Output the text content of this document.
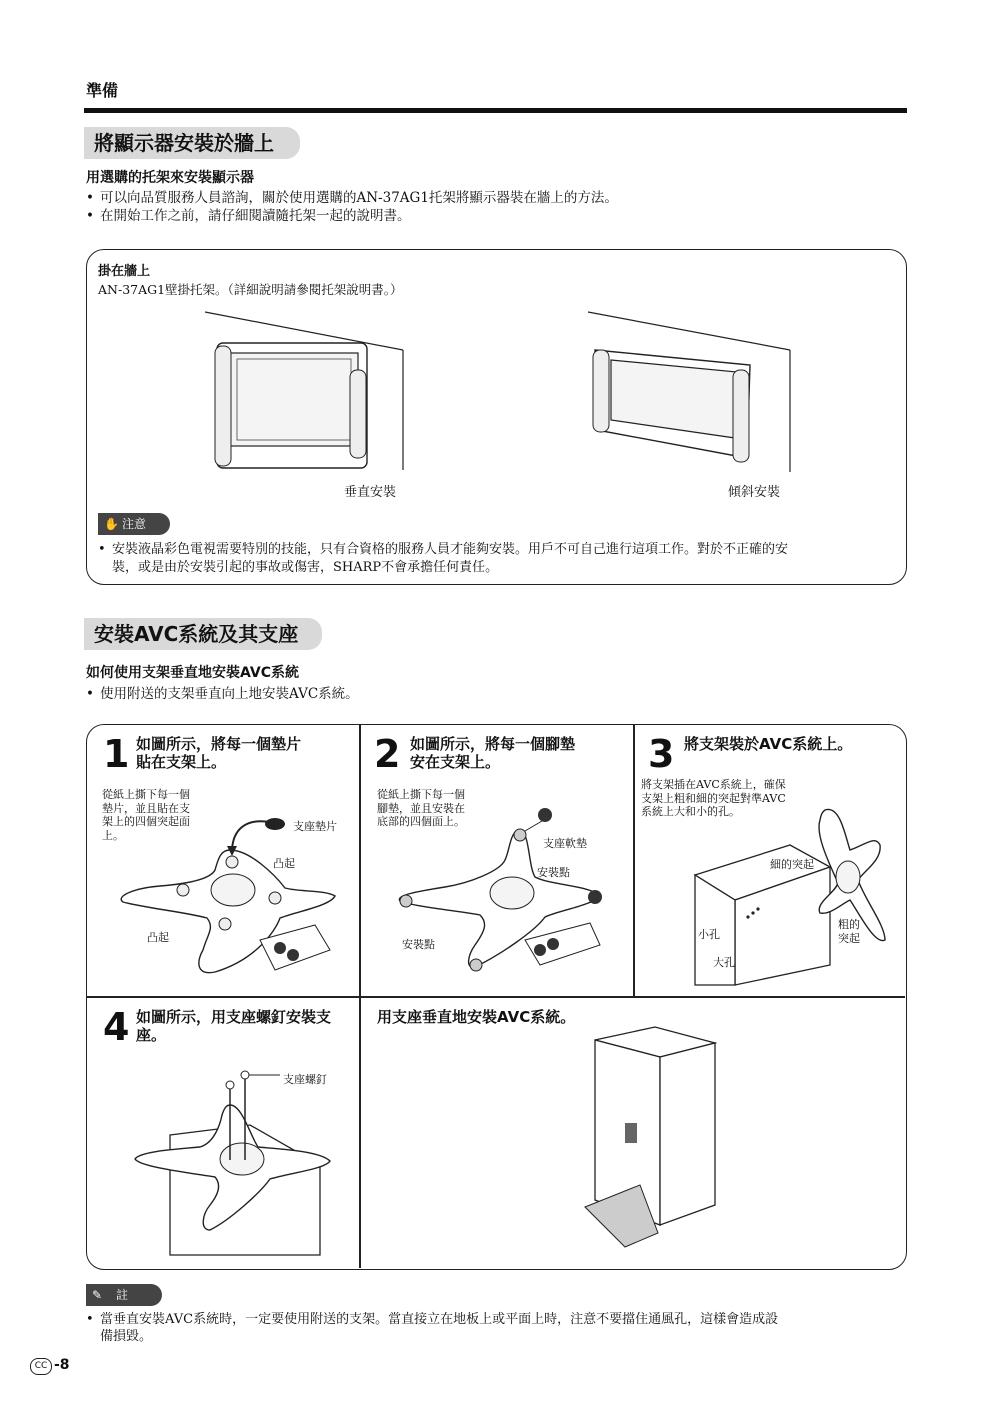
準備
將顯示器安裝於牆上
用選購的托架來安裝顯示器
• 可以向品質服務人員諮詢，關於使用選購的AN-37AG1托架將顯示器裝在牆上的方法。
• 在開始工作之前，請仔細閱讀隨托架一起的說明書。
掛在牆上
AN-37AG1壁掛托架。（詳細說明請參閱托架說明書。）
垂直安裝	傾斜安裝
✋ 注意
• 安裝液晶彩色電視需要特別的技能，只有合資格的服務人員才能夠安裝。用戶不可自己進行這項工作。對於不正確的安
裝，或是由於安裝引起的事故或傷害，SHARP不會承擔任何責任。
安裝AVC系統及其支座
如何使用支架垂直地安裝AVC系統
• 使用附送的支架垂直向上地安裝AVC系統。
1 如圖所示，將每一個墊片
貼在支架上。
從紙上撕下每一個
墊片，並且貼在支
架上的四個突起面
上。
支座墊片
凸起
凸起
2 如圖所示，將每一個腳墊
安在支架上。
從紙上撕下每一個
腳墊，並且安裝在
底部的四個面上。
支座軟墊
安裝點
安裝點
3 將支架裝於AVC系統上。
將支架插在AVC系統上，確保
支架上粗和細的突起對準AVC
系統上大和小的孔。
細的突起
小孔
大孔
粗的
突起
4 如圖所示，用支座螺釘安裝支
座。
支座螺釘
用支座垂直地安裝AVC系統。
✎ 註
• 當垂直安裝AVC系統時，一定要使用附送的支架。當直接立在地板上或平面上時，注意不要擋住通風孔，這樣會造成設
備損毀。
CC -8
